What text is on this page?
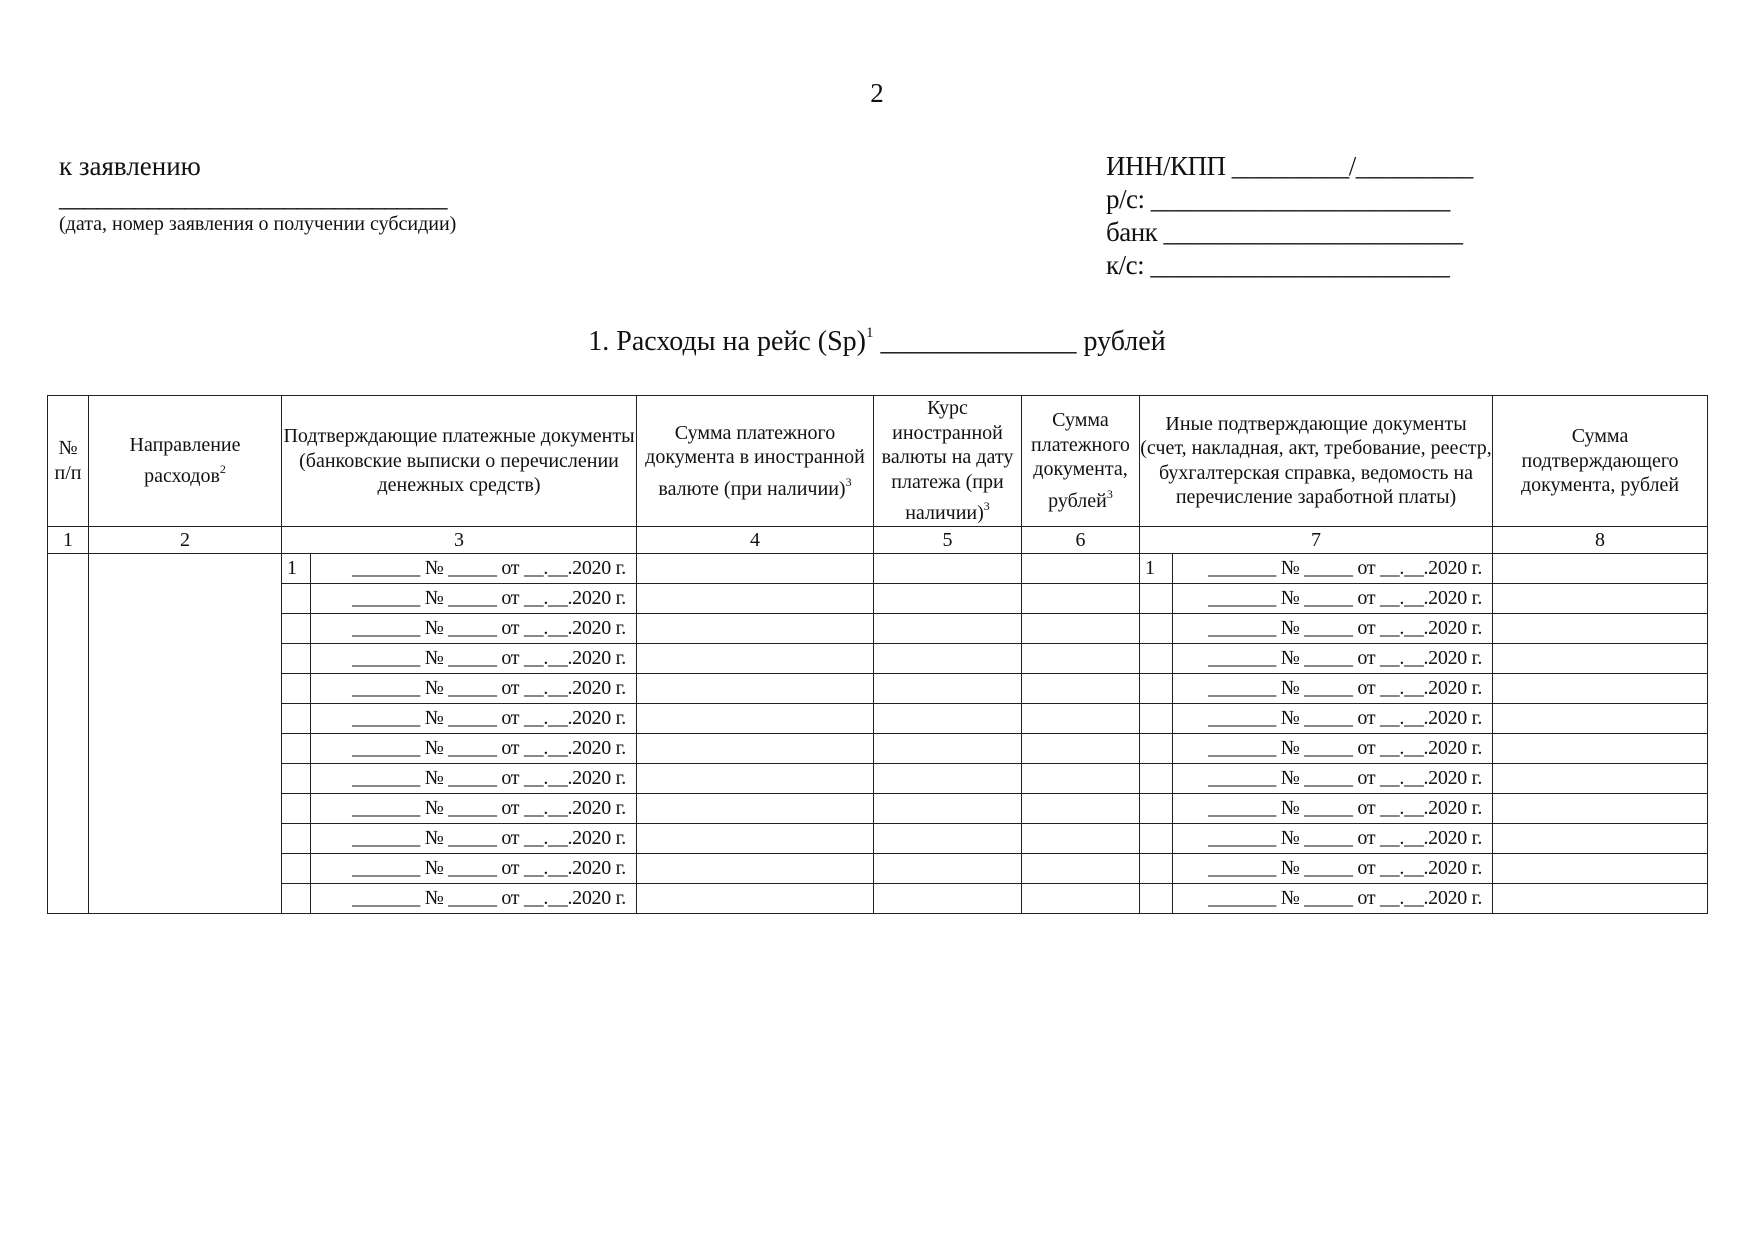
2
к заявлению
_______________________________
(дата, номер заявления о получении субсидии)
ИНН/КПП _________/_________
р/с: _______________________
банк _______________________
к/с: _______________________
1. Расходы на рейс $(Sp)^1$ ______________ рублей
№ п/п	Направление расходов$^2$	Подтверждающие платежные документы (банковские выписки о перечислении денежных средств)		Сумма платежного документа в иностранной валюте (при наличии)$^3$	Курс иностранной валюты на дату платежа (при наличии)$^3$	Сумма платежного документа, рублей$^3$	Иные подтверждающие документы (счет, накладная, акт, требование, реестр, бухгалтерская справка, ведомость на перечисление заработной платы)		Сумма подтверждающего документа, рублей
1	2	3		4	5	6	7		8
		1	_______ № _____ от __.__.2020 г.				1	_______ № _____ от __.__.2020 г.	
			_______ № _____ от __.__.2020 г.					_______ № _____ от __.__.2020 г.	
			_______ № _____ от __.__.2020 г.					_______ № _____ от __.__.2020 г.	
			_______ № _____ от __.__.2020 г.					_______ № _____ от __.__.2020 г.	
			_______ № _____ от __.__.2020 г.					_______ № _____ от __.__.2020 г.	
			_______ № _____ от __.__.2020 г.					_______ № _____ от __.__.2020 г.	
			_______ № _____ от __.__.2020 г.					_______ № _____ от __.__.2020 г.	
			_______ № _____ от __.__.2020 г.					_______ № _____ от __.__.2020 г.	
			_______ № _____ от __.__.2020 г.					_______ № _____ от __.__.2020 г.	
			_______ № _____ от __.__.2020 г.					_______ № _____ от __.__.2020 г.	
			_______ № _____ от __.__.2020 г.					_______ № _____ от __.__.2020 г.	
			_______ № _____ от __.__.2020 г.					_______ № _____ от __.__.2020 г.	
